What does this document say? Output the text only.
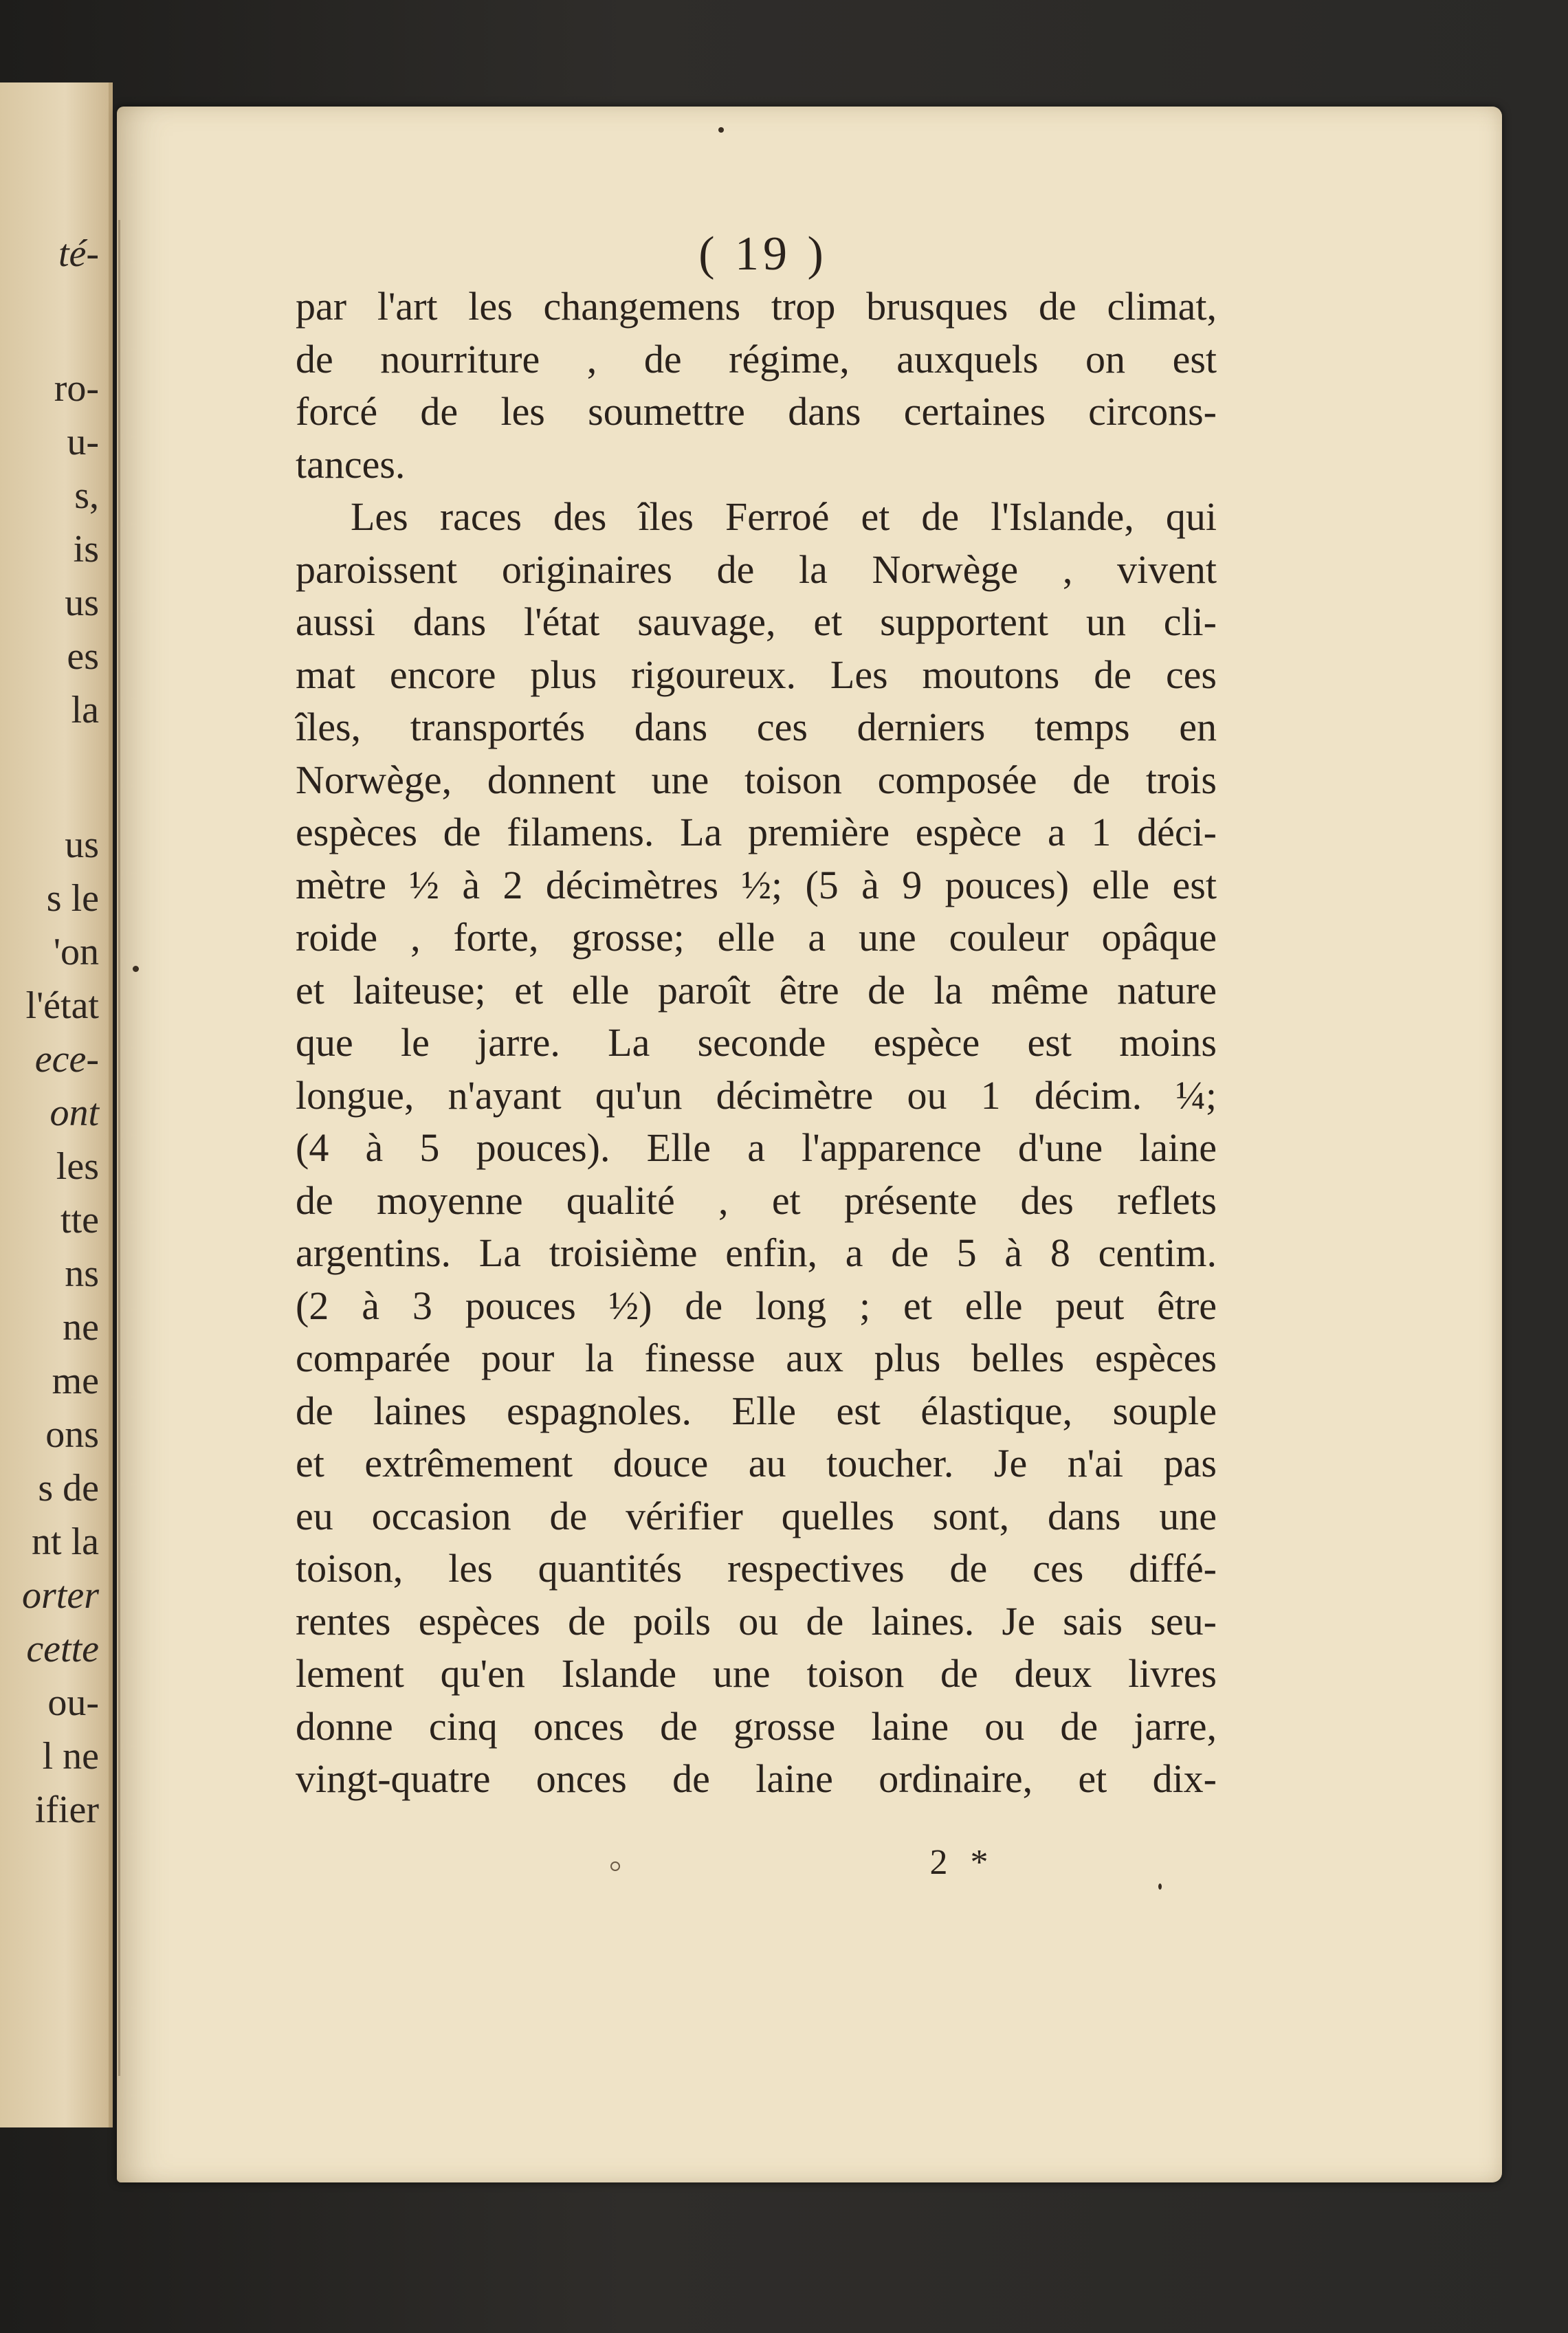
té-
ro-
u-
s,
is
us
es
la
us
s le
'on
l'état
ece-
ont
les
tte
ns
ne
me
ons
s de
nt la
orter
cette
ou-
l ne
ifier
( 19 )
par l'art les changemens trop brusques de climat,
de nourriture , de régime, auxquels on est
forcé de les soumettre dans certaines circons-
tances.
Les races des îles Ferroé et de l'Islande, qui
paroissent originaires de la Norwège , vivent
aussi dans l'état sauvage, et supportent un cli-
mat encore plus rigoureux. Les moutons de ces
îles, transportés dans ces derniers temps en
Norwège, donnent une toison composée de trois
espèces de filamens. La première espèce a 1 déci-
mètre ½ à 2 décimètres ½; (5 à 9 pouces) elle est
roide , forte, grosse; elle a une couleur opâque
et laiteuse; et elle paroît être de la même nature
que le jarre. La seconde espèce est moins
longue, n'ayant qu'un décimètre ou 1 décim. ¼;
(4 à 5 pouces). Elle a l'apparence d'une laine
de moyenne qualité , et présente des reflets
argentins. La troisième enfin, a de 5 à 8 centim.
(2 à 3 pouces ½) de long ; et elle peut être
comparée pour la finesse aux plus belles espèces
de laines espagnoles. Elle est élastique, souple
et extrêmement douce au toucher. Je n'ai pas
eu occasion de vérifier quelles sont, dans une
toison, les quantités respectives de ces diffé-
rentes espèces de poils ou de laines. Je sais seu-
lement qu'en Islande une toison de deux livres
donne cinq onces de grosse laine ou de jarre,
vingt-quatre onces de laine ordinaire, et dix-
2 *
